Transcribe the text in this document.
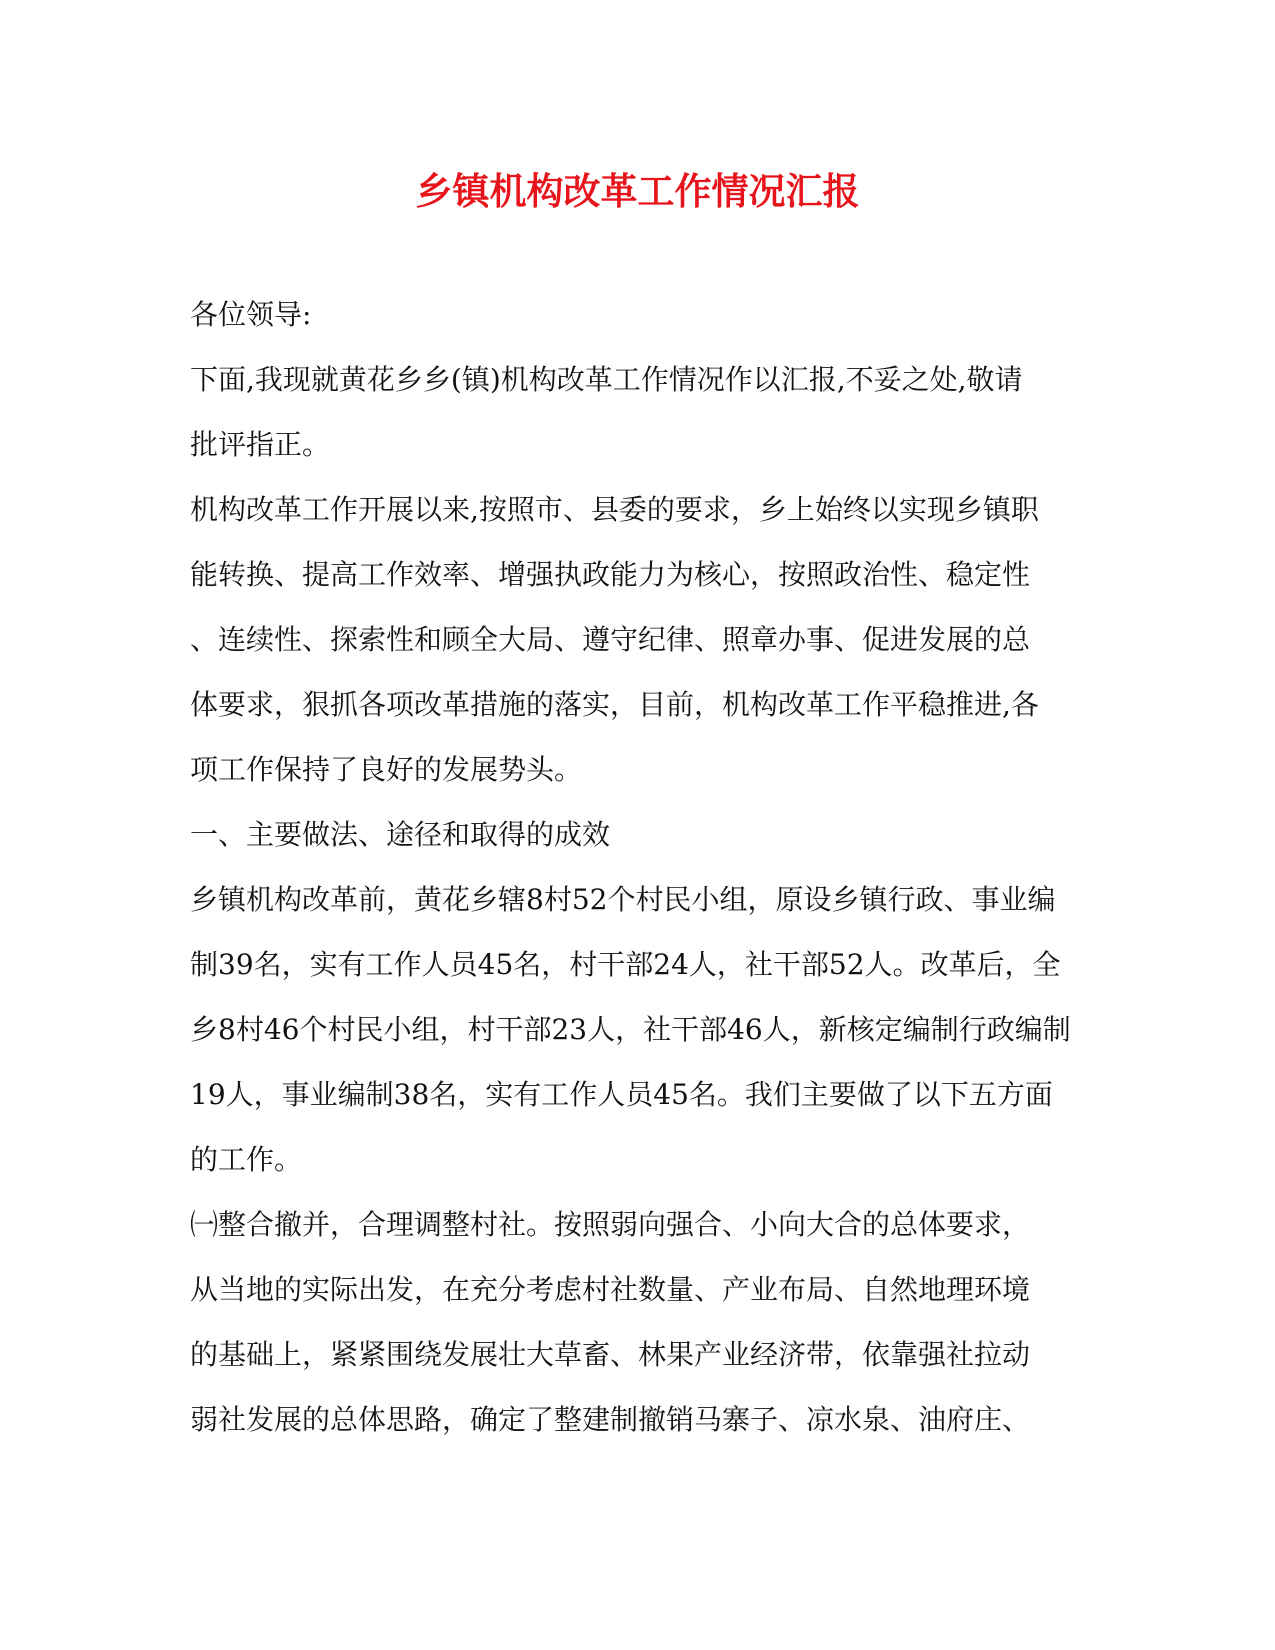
乡镇机构改革工作情况汇报

各位领导:

下面,我现就黄花乡乡(镇)机构改革工作情况作以汇报,不妥之处,敬请

批评指正。

机构改革工作开展以来,按照市、县委的要求，乡上始终以实现乡镇职

能转换、提高工作效率、增强执政能力为核心，按照政治性、稳定性

、连续性、探索性和顾全大局、遵守纪律、照章办事、促进发展的总

体要求，狠抓各项改革措施的落实，目前，机构改革工作平稳推进,各

项工作保持了良好的发展势头。

一、主要做法、途径和取得的成效

乡镇机构改革前，黄花乡辖8村52个村民小组，原设乡镇行政、事业编

制39名，实有工作人员45名，村干部24人，社干部52人。改革后，全

乡8村46个村民小组，村干部23人，社干部46人，新核定编制行政编制

19人，事业编制38名，实有工作人员45名。我们主要做了以下五方面

的工作。

㈠整合撤并，合理调整村社。按照弱向强合、小向大合的总体要求，

从当地的实际出发，在充分考虑村社数量、产业布局、自然地理环境

的基础上，紧紧围绕发展壮大草畜、林果产业经济带，依靠强社拉动

弱社发展的总体思路，确定了整建制撤销马寨子、凉水泉、油府庄、
